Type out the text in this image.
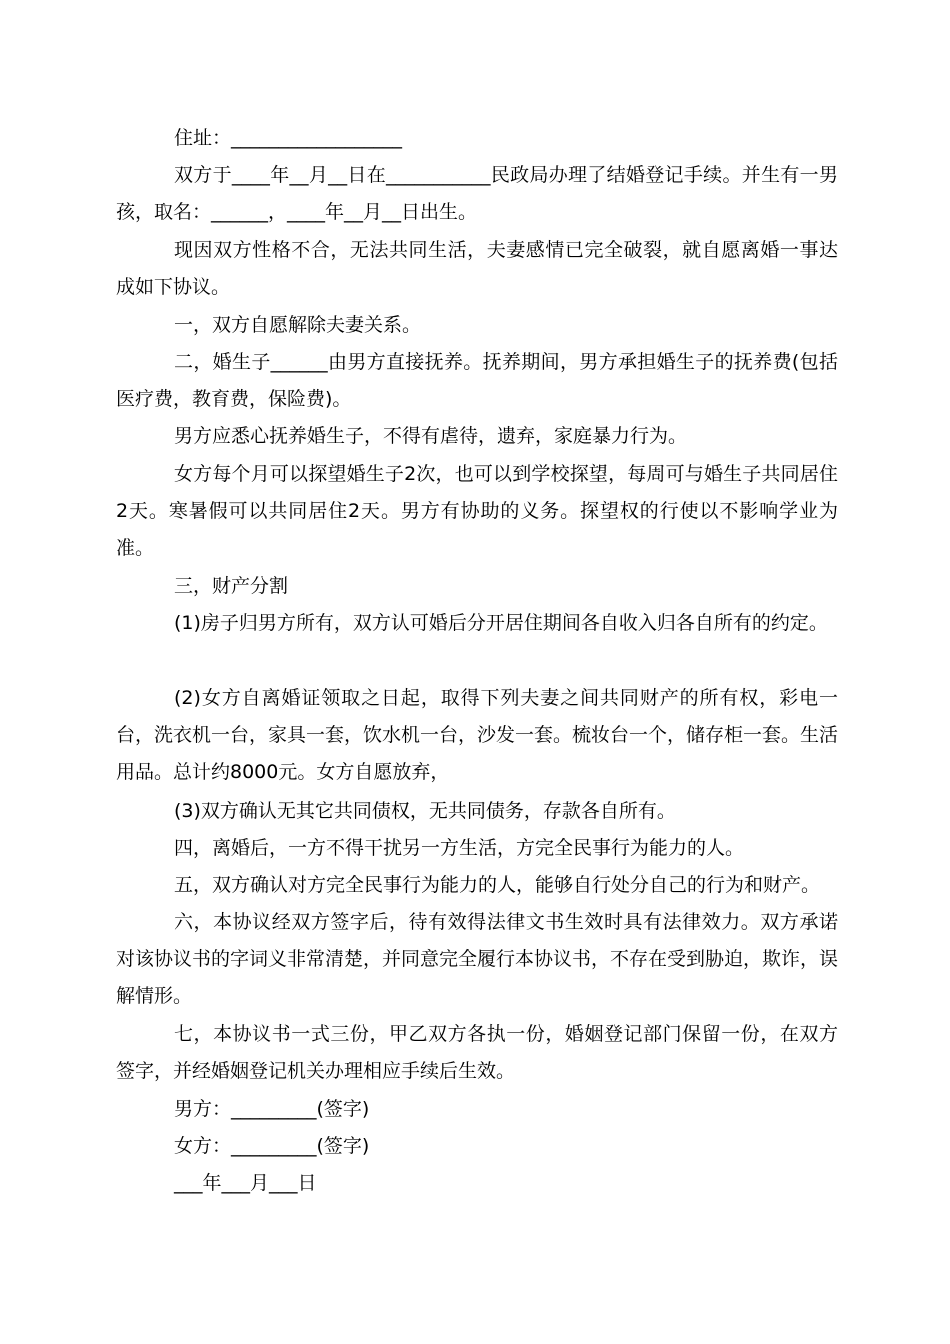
住址：__________________

双方于____年__月__日在___________民政局办理了结婚登记手续。并生有一男孩，取名：______，____年__月__日出生。

现因双方性格不合，无法共同生活，夫妻感情已完全破裂，就自愿离婚一事达成如下协议。

一，双方自愿解除夫妻关系。

二，婚生子______由男方直接抚养。抚养期间，男方承担婚生子的抚养费(包括医疗费，教育费，保险费)。

男方应悉心抚养婚生子，不得有虐待，遗弃，家庭暴力行为。

女方每个月可以探望婚生子2次，也可以到学校探望，每周可与婚生子共同居住2天。寒暑假可以共同居住2天。男方有协助的义务。探望权的行使以不影响学业为准。

三，财产分割

(1)房子归男方所有，双方认可婚后分开居住期间各自收入归各自所有的约定。

(2)女方自离婚证领取之日起，取得下列夫妻之间共同财产的所有权，彩电一台，洗衣机一台，家具一套，饮水机一台，沙发一套。梳妆台一个，储存柜一套。生活用品。总计约8000元。女方自愿放弃，

(3)双方确认无其它共同债权，无共同债务，存款各自所有。

四，离婚后，一方不得干扰另一方生活，方完全民事行为能力的人。

五，双方确认对方完全民事行为能力的人，能够自行处分自己的行为和财产。

六，本协议经双方签字后，待有效得法律文书生效时具有法律效力。双方承诺对该协议书的字词义非常清楚，并同意完全履行本协议书，不存在受到胁迫，欺诈，误解情形。

七，本协议书一式三份，甲乙双方各执一份，婚姻登记部门保留一份，在双方签字，并经婚姻登记机关办理相应手续后生效。

男方：_________(签字)

女方：_________(签字)

___年___月___日
